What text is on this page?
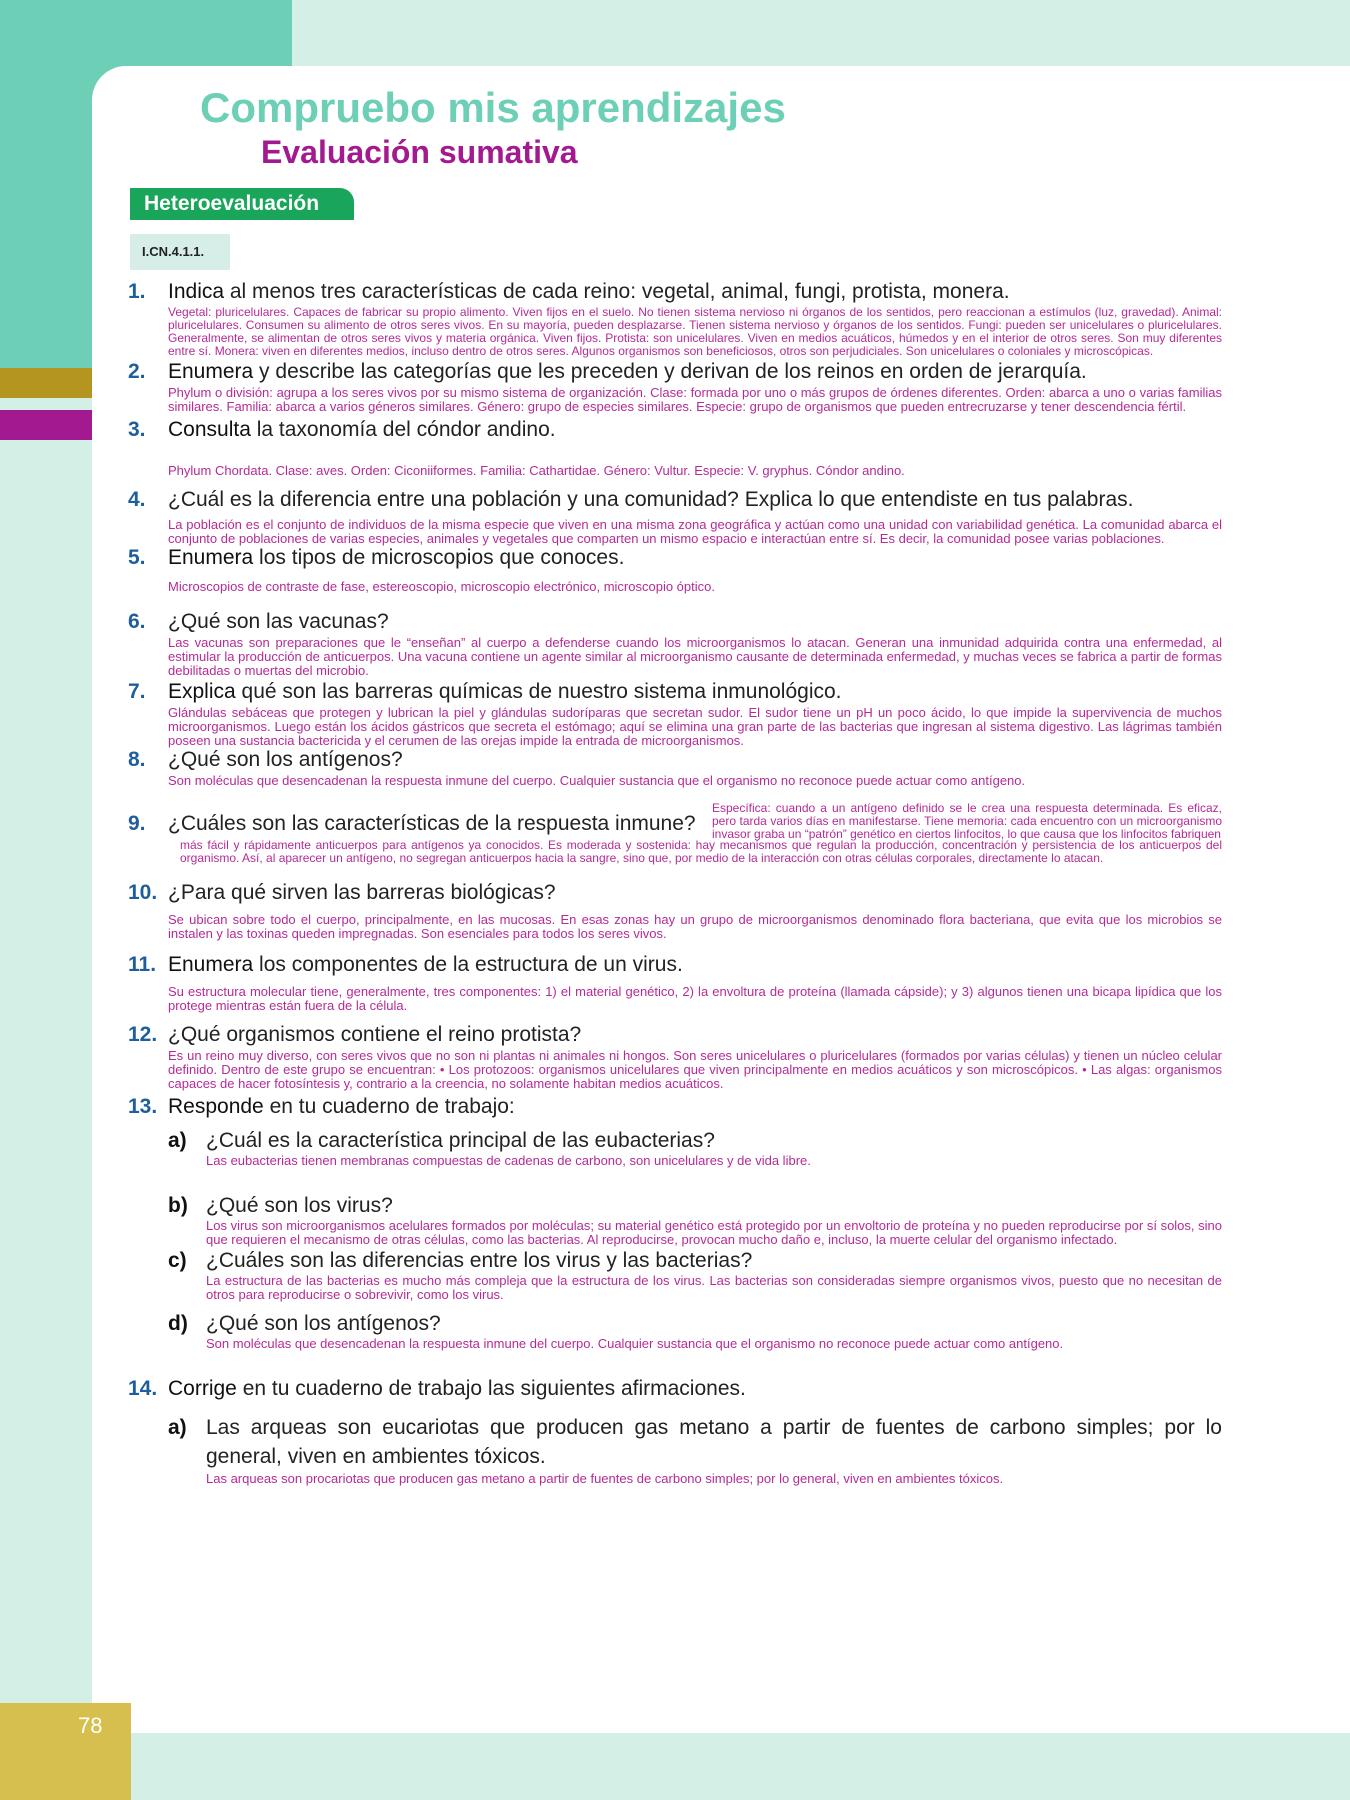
78
Compruebo mis aprendizajes
Evaluación sumativa
Heteroevaluación
I.CN.4.1.1.
1.	Indica al menos tres características de cada reino: vegetal, animal, fungi, protista, monera.
Vegetal: pluricelulares. Capaces de fabricar su propio alimento. Viven fijos en el suelo. No tienen sistema nervioso ni órganos de los sentidos, pero reaccionan a estímulos (luz, gravedad). Animal: pluricelulares. Consumen su alimento de otros seres vivos. En su mayoría, pueden desplazarse. Tienen sistema nervioso y órganos de los sentidos. Fungi: pueden ser unicelulares o pluricelulares. Generalmente, se alimentan de otros seres vivos y materia orgánica. Viven fijos. Protista: son unicelulares. Viven en medios acuáticos, húmedos y en el interior de otros seres. Son muy diferentes entre sí. Monera: viven en diferentes medios, incluso dentro de otros seres. Algunos organismos son beneficiosos, otros son perjudiciales. Son unicelulares o coloniales y microscópicas.
2.	Enumera y describe las categorías que les preceden y derivan de los reinos en orden de jerarquía.
Phylum o división: agrupa a los seres vivos por su mismo sistema de organización. Clase: formada por uno o más grupos de órdenes diferentes. Orden: abarca a uno o varias familias similares. Familia: abarca a varios géneros similares. Género: grupo de especies similares. Especie: grupo de organismos que pueden entrecruzarse y tener descendencia fértil.
3.	Consulta la taxonomía del cóndor andino.
Phylum Chordata. Clase: aves. Orden: Ciconiiformes. Familia: Cathartidae. Género: Vultur. Especie: V. gryphus. Cóndor andino.
4.	¿Cuál es la diferencia entre una población y una comunidad? Explica lo que entendiste en tus palabras.
La población es el conjunto de individuos de la misma especie que viven en una misma zona geográfica y actúan como una unidad con variabilidad genética. La comunidad abarca el conjunto de poblaciones de varias especies, animales y vegetales que comparten un mismo espacio e interactúan entre sí. Es decir, la comunidad posee varias poblaciones.
5.	Enumera los tipos de microscopios que conoces.
Microscopios de contraste de fase, estereoscopio, microscopio electrónico, microscopio óptico.
6.	¿Qué son las vacunas?
Las vacunas son preparaciones que le “enseñan” al cuerpo a defenderse cuando los microorganismos lo atacan. Generan una inmunidad adquirida contra una enfermedad, al estimular la producción de anticuerpos. Una vacuna contiene un agente similar al microorganismo causante de determinada enfermedad, y muchas veces se fabrica a partir de formas debilitadas o muertas del microbio.
7.	Explica qué son las barreras químicas de nuestro sistema inmunológico.
Glándulas sebáceas que protegen y lubrican la piel y glándulas sudoríparas que secretan sudor. El sudor tiene un pH un poco ácido, lo que impide la supervivencia de muchos microorganismos. Luego están los ácidos gástricos que secreta el estómago; aquí se elimina una gran parte de las bacterias que ingresan al sistema digestivo. Las lágrimas también poseen una sustancia bactericida y el cerumen de las orejas impide la entrada de microorganismos.
8.	¿Qué son los antígenos?
Son moléculas que desencadenan la respuesta inmune del cuerpo. Cualquier sustancia que el organismo no reconoce puede actuar como antígeno.
Específica: cuando a un antígeno definido se le crea una respuesta determinada. Es eficaz, pero tarda varios días en manifestarse. Tiene memoria: cada encuentro con un microorganismo invasor graba un “patrón” genético en ciertos linfocitos, lo que causa que los linfocitos fabriquen
9.	¿Cuáles son las características de la respuesta inmune?
más fácil y rápidamente anticuerpos para antígenos ya conocidos. Es moderada y sostenida: hay mecanismos que regulan la producción, concentración y persistencia de los anticuerpos del organismo. Así, al aparecer un antígeno, no segregan anticuerpos hacia la sangre, sino que, por medio de la interacción con otras células corporales, directamente lo atacan.
10. ¿Para qué sirven las barreras biológicas?
Se ubican sobre todo el cuerpo, principalmente, en las mucosas. En esas zonas hay un grupo de microorganismos denominado flora bacteriana, que evita que los microbios se instalen y las toxinas queden impregnadas. Son esenciales para todos los seres vivos.
11. Enumera los componentes de la estructura de un virus.
Su estructura molecular tiene, generalmente, tres componentes: 1) el material genético, 2) la envoltura de proteína (llamada cápside); y 3) algunos tienen una bicapa lipídica que los protege mientras están fuera de la célula.
12. ¿Qué organismos contiene el reino protista?
Es un reino muy diverso, con seres vivos que no son ni plantas ni animales ni hongos. Son seres unicelulares o pluricelulares (formados por varias células) y tienen un núcleo celular definido. Dentro de este grupo se encuentran: • Los protozoos: organismos unicelulares que viven principalmente en medios acuáticos y son microscópicos. • Las algas: organismos capaces de hacer fotosíntesis y, contrario a la creencia, no solamente habitan medios acuáticos.
13. Responde en tu cuaderno de trabajo:
a) ¿Cuál es la característica principal de las eubacterias?
Las eubacterias tienen membranas compuestas de cadenas de carbono, son unicelulares y de vida libre.
b) ¿Qué son los virus?
Los virus son microorganismos acelulares formados por moléculas; su material genético está protegido por un envoltorio de proteína y no pueden reproducirse por sí solos, sino que requieren el mecanismo de otras células, como las bacterias. Al reproducirse, provocan mucho daño e, incluso, la muerte celular del organismo infectado.
c) ¿Cuáles son las diferencias entre los virus y las bacterias?
La estructura de las bacterias es mucho más compleja que la estructura de los virus. Las bacterias son consideradas siempre organismos vivos, puesto que no necesitan de otros para reproducirse o sobrevivir, como los virus.
d) ¿Qué son los antígenos?
Son moléculas que desencadenan la respuesta inmune del cuerpo. Cualquier sustancia que el organismo no reconoce puede actuar como antígeno.
14. Corrige en tu cuaderno de trabajo las siguientes afirmaciones.
a) Las arqueas son eucariotas que producen gas metano a partir de fuentes de carbono simples; por lo general, viven en ambientes tóxicos.
Las arqueas son procariotas que producen gas metano a partir de fuentes de carbono simples; por lo general, viven en ambientes tóxicos.
